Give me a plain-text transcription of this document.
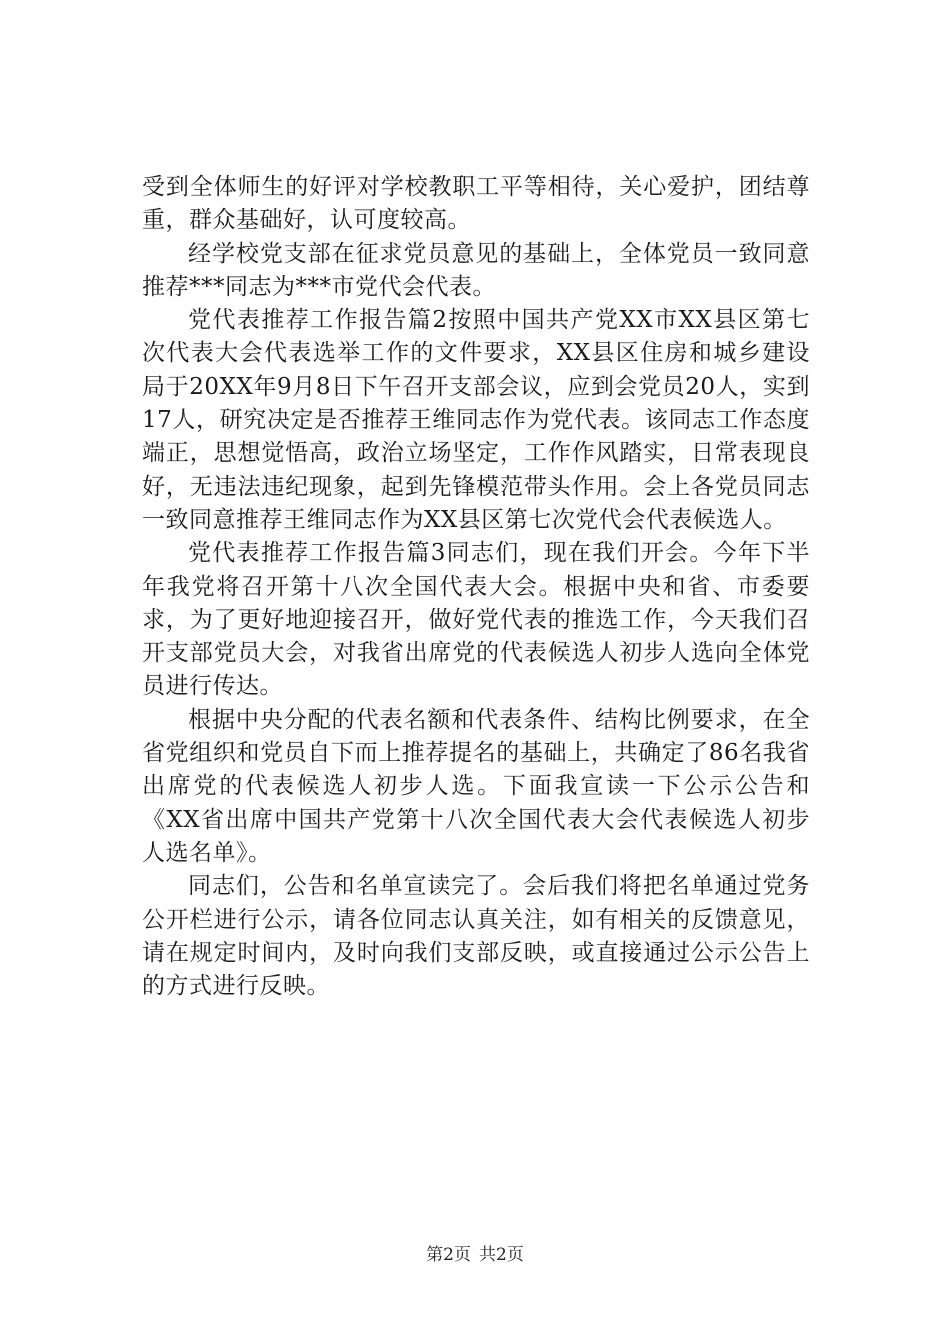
受到全体师生的好评对学校教职工平等相待，关心爱护，团结尊重，群众基础好，认可度较高。

经学校党支部在征求党员意见的基础上，全体党员一致同意推荐***同志为***市党代会代表。

党代表推荐工作报告篇2按照中国共产党XX市XX县区第七次代表大会代表选举工作的文件要求，XX县区住房和城乡建设局于20XX年9月8日下午召开支部会议，应到会党员20人，实到17人，研究决定是否推荐王维同志作为党代表。该同志工作态度端正，思想觉悟高，政治立场坚定，工作作风踏实，日常表现良好，无违法违纪现象，起到先锋模范带头作用。会上各党员同志一致同意推荐王维同志作为XX县区第七次党代会代表候选人。

党代表推荐工作报告篇3同志们，现在我们开会。今年下半年我党将召开第十八次全国代表大会。根据中央和省、市委要求，为了更好地迎接召开，做好党代表的推选工作，今天我们召开支部党员大会，对我省出席党的代表候选人初步人选向全体党员进行传达。

根据中央分配的代表名额和代表条件、结构比例要求，在全省党组织和党员自下而上推荐提名的基础上，共确定了86名我省出席党的代表候选人初步人选。下面我宣读一下公示公告和《XX省出席中国共产党第十八次全国代表大会代表候选人初步人选名单》。

同志们，公告和名单宣读完了。会后我们将把名单通过党务公开栏进行公示，请各位同志认真关注，如有相关的反馈意见，请在规定时间内，及时向我们支部反映，或直接通过公示公告上的方式进行反映。

第2页 共2页
